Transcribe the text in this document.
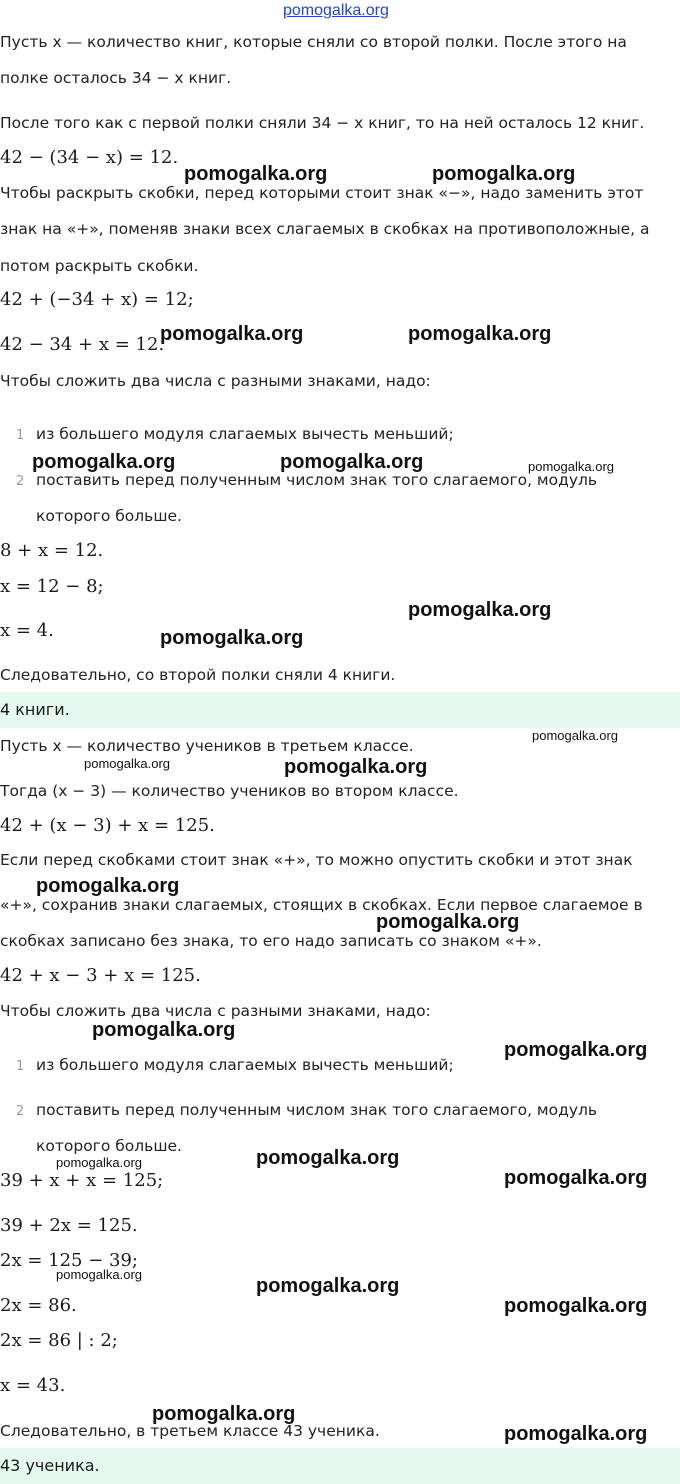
pomogalka.org
Пусть x — количество книг, которые сняли со второй полки. После этого на
полке осталось 34 − x книг.
После того как с первой полки сняли 34 − x книг, то на ней осталось 12 книг.
42 − (34 − x) = 12.
Чтобы раскрыть скобки, перед которыми стоит знак «−», надо заменить этот
знак на «+», поменяв знаки всех слагаемых в скобках на противоположные, а
потом раскрыть скобки.
42 + (−34 + x) = 12;
42 − 34 + x = 12.
Чтобы сложить два числа с разными знаками, надо:
1 из большего модуля слагаемых вычесть меньший;
2 поставить перед полученным числом знак того слагаемого, модуль
которого больше.
8 + x = 12.
x = 12 − 8;
x = 4.
Следовательно, со второй полки сняли 4 книги.
4 книги.
Пусть x — количество учеников в третьем классе.
Тогда (x − 3) — количество учеников во втором классе.
42 + (x − 3) + x = 125.
Если перед скобками стоит знак «+», то можно опустить скобки и этот знак
«+», сохранив знаки слагаемых, стоящих в скобках. Если первое слагаемое в
скобках записано без знака, то его надо записать со знаком «+».
42 + x − 3 + x = 125.
Чтобы сложить два числа с разными знаками, надо:
1 из большего модуля слагаемых вычесть меньший;
2 поставить перед полученным числом знак того слагаемого, модуль
которого больше.
39 + x + x = 125;
39 + 2x = 125.
2x = 125 − 39;
2x = 86.
2x = 86 | : 2;
x = 43.
Следовательно, в третьем классе 43 ученика.
43 ученика.
pomogalka.org	pomogalka.org
pomogalka.org	pomogalka.org
pomogalka.org	pomogalka.org	pomogalka.org
pomogalka.org
pomogalka.org
pomogalka.org
pomogalka.org	pomogalka.org
pomogalka.org
pomogalka.org
pomogalka.org
pomogalka.org
pomogalka.org	pomogalka.org
pomogalka.org
pomogalka.org
pomogalka.org
pomogalka.org
pomogalka.org
pomogalka.org
